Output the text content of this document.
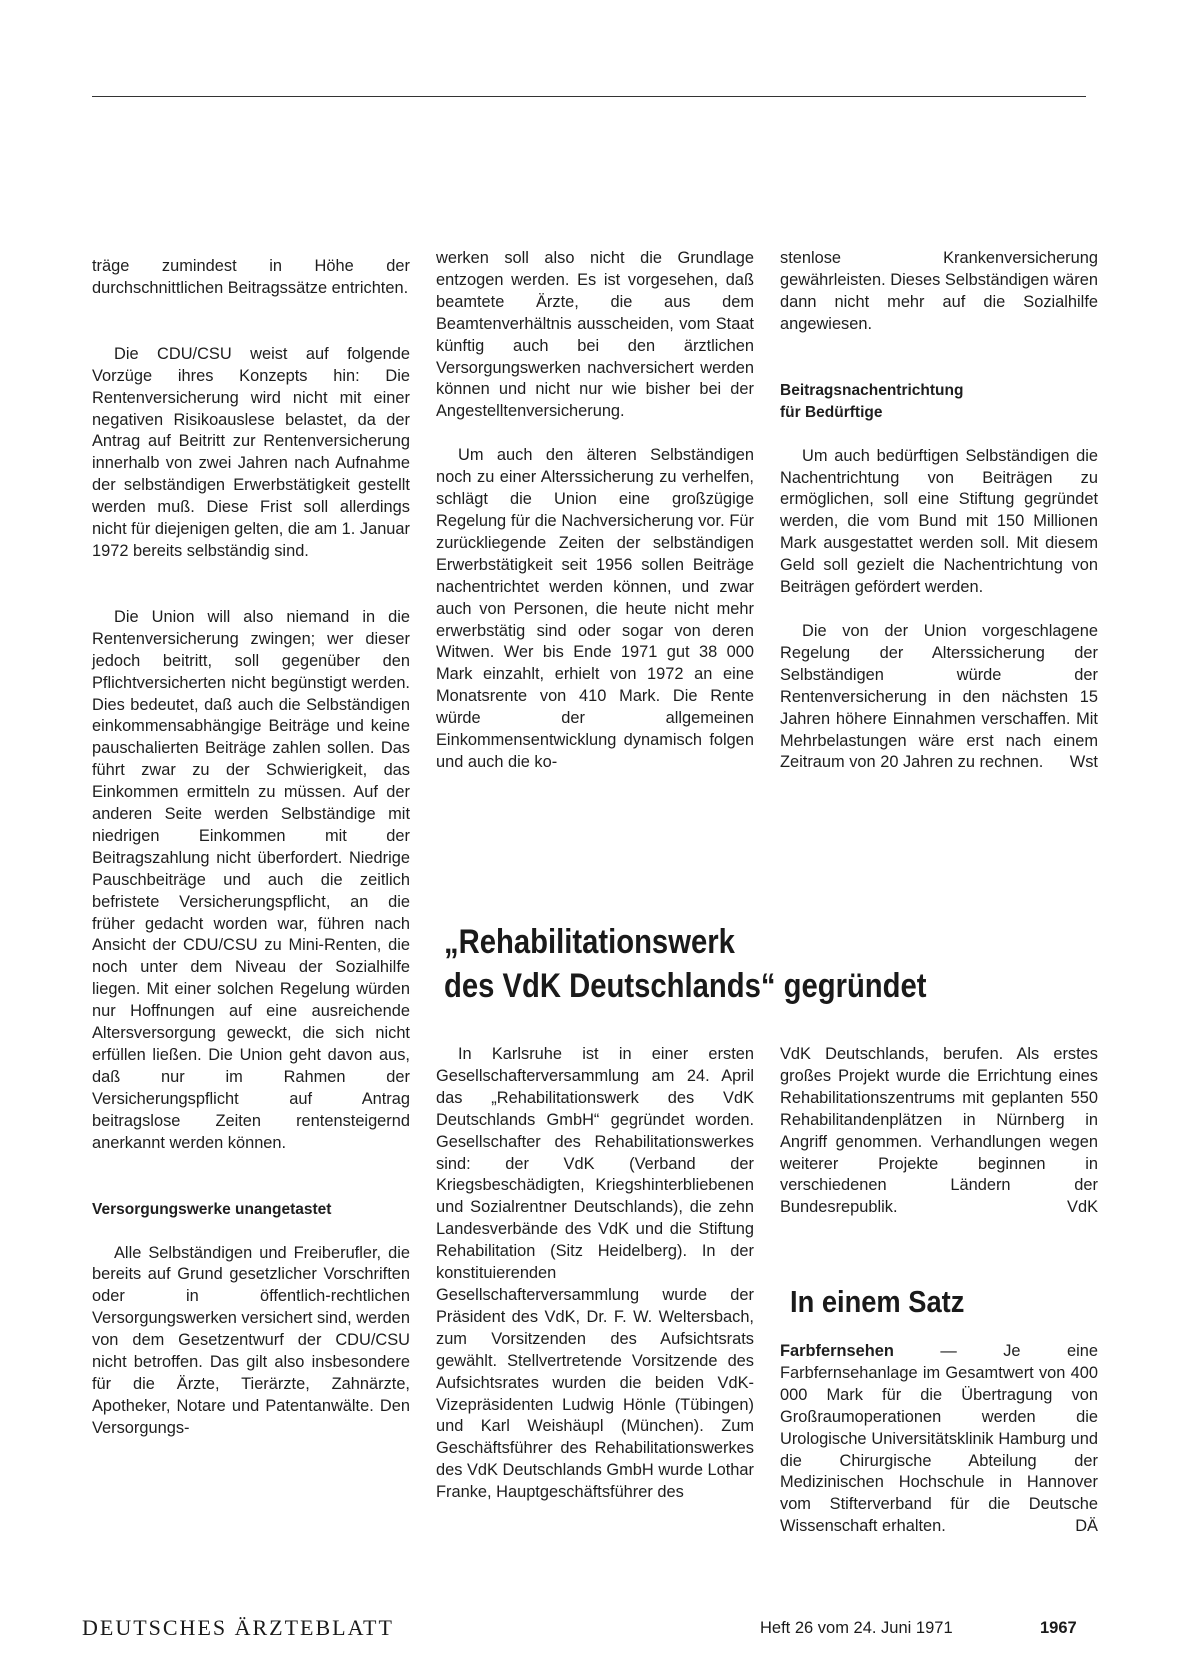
träge zumindest in Höhe der durchschnittlichen Beitragssätze entrichten.

Die CDU/CSU weist auf folgende Vorzüge ihres Konzepts hin: Die Rentenversicherung wird nicht mit einer negativen Risikoauslese belastet, da der Antrag auf Beitritt zur Rentenversicherung innerhalb von zwei Jahren nach Aufnahme der selbständigen Erwerbstätigkeit gestellt werden muß. Diese Frist soll allerdings nicht für diejenigen gelten, die am 1. Januar 1972 bereits selbständig sind.

Die Union will also niemand in die Rentenversicherung zwingen; wer dieser jedoch beitritt, soll gegenüber den Pflichtversicherten nicht begünstigt werden. Dies bedeutet, daß auch die Selbständigen einkommensabhängige Beiträge und keine pauschalierten Beiträge zahlen sollen. Das führt zwar zu der Schwierigkeit, das Einkommen ermitteln zu müssen. Auf der anderen Seite werden Selbständige mit niedrigen Einkommen mit der Beitragszahlung nicht überfordert. Niedrige Pauschbeiträge und auch die zeitlich befristete Versicherungspflicht, an die früher gedacht worden war, führen nach Ansicht der CDU/CSU zu Mini-Renten, die noch unter dem Niveau der Sozialhilfe liegen. Mit einer solchen Regelung würden nur Hoffnungen auf eine ausreichende Altersversorgung geweckt, die sich nicht erfüllen ließen. Die Union geht davon aus, daß nur im Rahmen der Versicherungspflicht auf Antrag beitragslose Zeiten rentensteigernd anerkannt werden können.

Versorgungswerke unangetastet

Alle Selbständigen und Freiberufler, die bereits auf Grund gesetzlicher Vorschriften oder in öffentlich-rechtlichen Versorgungswerken versichert sind, werden von dem Gesetzentwurf der CDU/CSU nicht betroffen. Das gilt also insbesondere für die Ärzte, Tierärzte, Zahnärzte, Apotheker, Notare und Patentanwälte. Den Versorgungs-

werken soll also nicht die Grundlage entzogen werden. Es ist vorgesehen, daß beamtete Ärzte, die aus dem Beamtenverhältnis ausscheiden, vom Staat künftig auch bei den ärztlichen Versorgungswerken nachversichert werden können und nicht nur wie bisher bei der Angestelltenversicherung.

Um auch den älteren Selbständigen noch zu einer Alterssicherung zu verhelfen, schlägt die Union eine großzügige Regelung für die Nachversicherung vor. Für zurückliegende Zeiten der selbständigen Erwerbstätigkeit seit 1956 sollen Beiträge nachentrichtet werden können, und zwar auch von Personen, die heute nicht mehr erwerbstätig sind oder sogar von deren Witwen. Wer bis Ende 1971 gut 38 000 Mark einzahlt, erhielt von 1972 an eine Monatsrente von 410 Mark. Die Rente würde der allgemeinen Einkommensentwicklung dynamisch folgen und auch die ko-

stenlose Krankenversicherung gewährleisten. Dieses Selbständigen wären dann nicht mehr auf die Sozialhilfe angewiesen.

Beitragsnachentrichtung
für Bedürftige

Um auch bedürftigen Selbständigen die Nachentrichtung von Beiträgen zu ermöglichen, soll eine Stiftung gegründet werden, die vom Bund mit 150 Millionen Mark ausgestattet werden soll. Mit diesem Geld soll gezielt die Nachentrichtung von Beiträgen gefördert werden.

Die von der Union vorgeschlagene Regelung der Alterssicherung der Selbständigen würde der Rentenversicherung in den nächsten 15 Jahren höhere Einnahmen verschaffen. Mit Mehrbelastungen wäre erst nach einem Zeitraum von 20 Jahren zu rechnen. Wst

„Rehabilitationswerk
des VdK Deutschlands“ gegründet

In Karlsruhe ist in einer ersten Gesellschafterversammlung am 24. April das „Rehabilitationswerk des VdK Deutschlands GmbH“ gegründet worden. Gesellschafter des Rehabilitationswerkes sind: der VdK (Verband der Kriegsbeschädigten, Kriegshinterbliebenen und Sozialrentner Deutschlands), die zehn Landesverbände des VdK und die Stiftung Rehabilitation (Sitz Heidelberg). In der konstituierenden Gesellschafterversammlung wurde der Präsident des VdK, Dr. F. W. Weltersbach, zum Vorsitzenden des Aufsichtsrats gewählt. Stellvertretende Vorsitzende des Aufsichtsrates wurden die beiden VdK-Vizepräsidenten Ludwig Hönle (Tübingen) und Karl Weishäupl (München). Zum Geschäftsführer des Rehabilitationswerkes des VdK Deutschlands GmbH wurde Lothar Franke, Hauptgeschäftsführer des

VdK Deutschlands, berufen. Als erstes großes Projekt wurde die Errichtung eines Rehabilitationszentrums mit geplanten 550 Rehabilitandenplätzen in Nürnberg in Angriff genommen. Verhandlungen wegen weiterer Projekte beginnen in verschiedenen Ländern der Bundesrepublik.	VdK

In einem Satz

Farbfernsehen — Je eine Farbfernsehanlage im Gesamtwert von 400 000 Mark für die Übertragung von Großraumoperationen werden die Urologische Universitätsklinik Hamburg und die Chirurgische Abteilung der Medizinischen Hochschule in Hannover vom Stifterverband für die Deutsche Wissenschaft erhalten.	DÄ

DEUTSCHES ÄRZTEBLATT	Heft 26 vom 24. Juni 1971	1967
